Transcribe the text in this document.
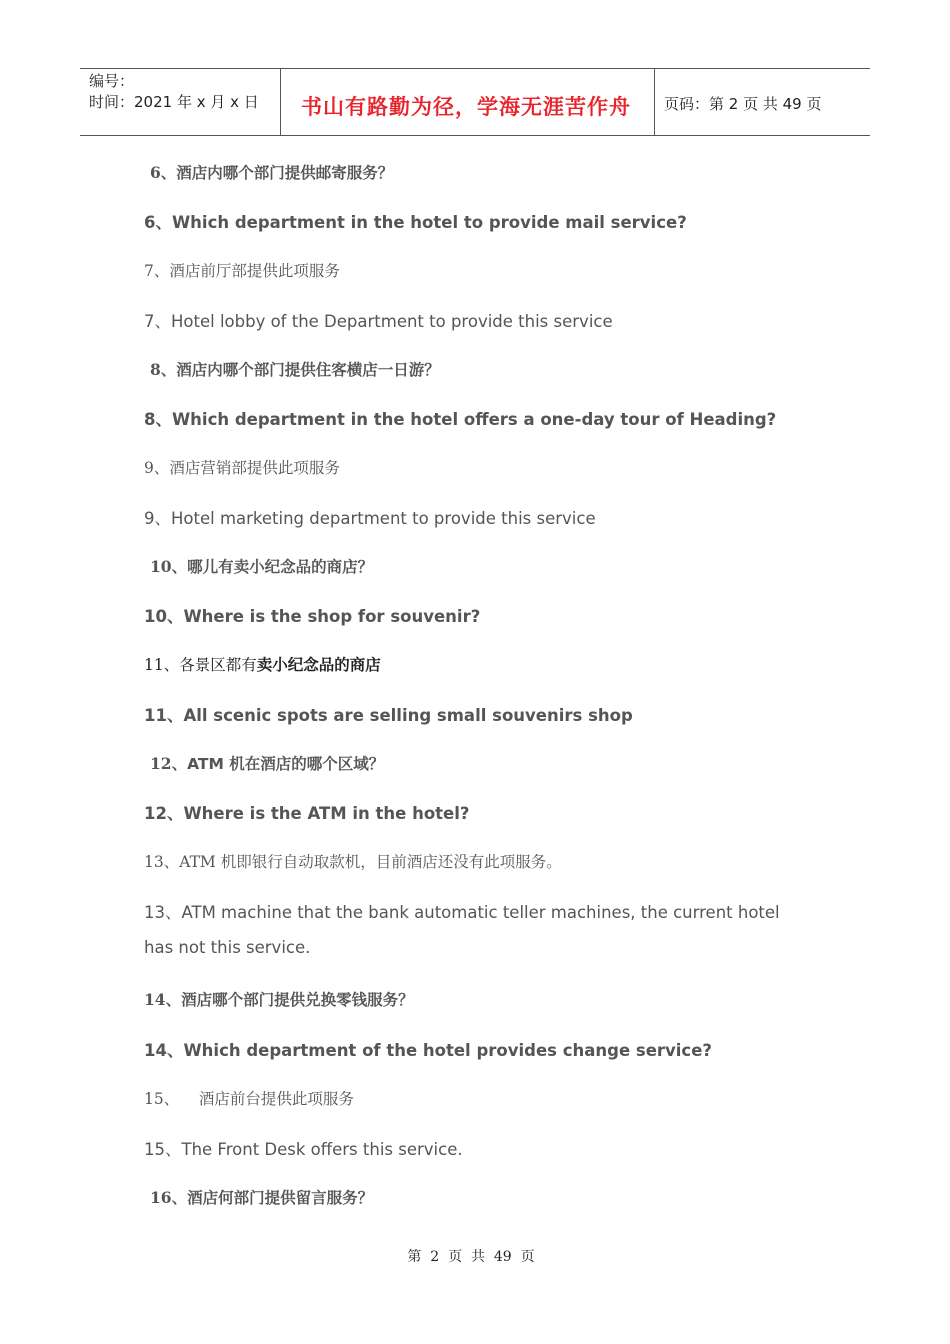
编号：
时间：2021 年 x 月 x 日	书山有路勤为径，学海无涯苦作舟 页码：第 2 页 共 49 页
6、酒店内哪个部门提供邮寄服务？
6、Which department in the hotel to provide mail service?
7、酒店前厅部提供此项服务
7、Hotel lobby of the Department to provide this service
8、酒店内哪个部门提供住客横店一日游？
8、Which department in the hotel offers a one-day tour of Heading?
9、酒店营销部提供此项服务
9、Hotel marketing department to provide this service
10、哪儿有卖小纪念品的商店？
10、Where is the shop for souvenir?
11、各景区都有卖小纪念品的商店
11、All scenic spots are selling small souvenirs shop
12、ATM 机在酒店的哪个区域？
12、Where is the ATM in the hotel?
13、ATM 机即银行自动取款机，目前酒店还没有此项服务。
13、ATM machine that the bank automatic teller machines, the current hotel
has not this service.
14、酒店哪个部门提供兑换零钱服务？
14、Which department of the hotel provides change service?
15、    酒店前台提供此项服务
15、The Front Desk offers this service.
16、酒店何部门提供留言服务？
第  2  页  共  49  页
